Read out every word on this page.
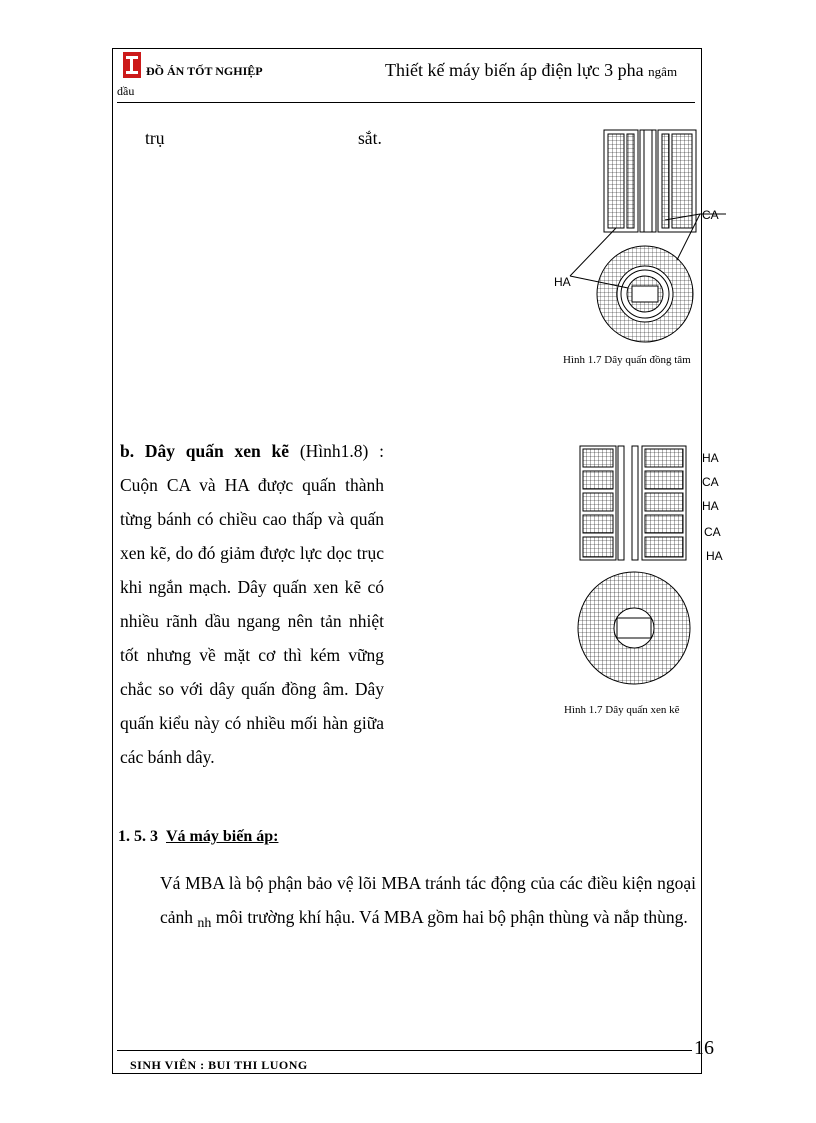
ĐỒ ÁN TỐT NGHIỆP	Thiết kế máy biến áp điện lực 3 pha ngâm
dầu
trụ	sắt.
CA
HA
Hình 1.7 Dây quấn đồng tâm
b. Dây quấn xen kẽ (Hình1.8) : Cuộn CA và HA được quấn thành từng bánh có chiều cao thấp và quấn xen kẽ, do đó giảm được lực dọc trục khi ngắn mạch. Dây quấn xen kẽ có nhiều rãnh dầu ngang nên tản nhiệt tốt nhưng về mặt cơ thì kém vững chắc so với dây quấn đồng âm. Dây quấn kiểu này có nhiều mối hàn giữa các bánh dây.
HA
CA
HA
CA
HA
Hình 1.7 Dây quấn xen kẽ
1. 5. 3 Vá máy biến áp:
Vá MBA là bộ phận bảo vệ lõi MBA tránh tác động của các điều kiện ngoại cảnh $_{nh}$ môi trường khí hậu. Vá MBA gồm hai bộ phận thùng và nắp thùng.
SINH VIÊN : BUI THI LUONG
16
